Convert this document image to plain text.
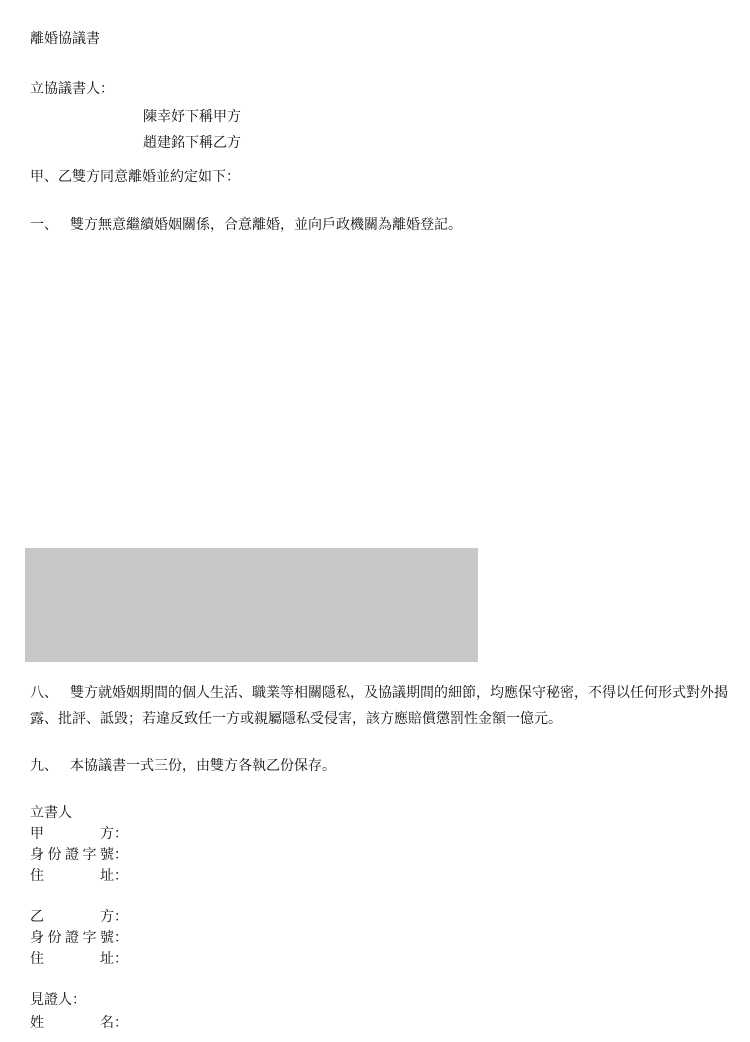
離婚協議書
立協議書人：
陳幸妤下稱甲方
趙建銘下稱乙方
甲、乙雙方同意離婚並約定如下：
一、 雙方無意繼續婚姻關係，合意離婚，並向戶政機關為離婚登記。
八、 雙方就婚姻期間的個人生活、職業等相關隱私，及協議期間的細節，均應保守秘密，不得以任何形式對外揭露、批評、詆毀；若違反致任一方或親屬隱私受侵害，該方應賠償懲罰性金額一億元。
九、 本協議書一式三份，由雙方各執乙份保存。
立書人
甲方：
身份證字號：
住址：
乙方：
身份證字號：
住址：
見證人：
姓名：
